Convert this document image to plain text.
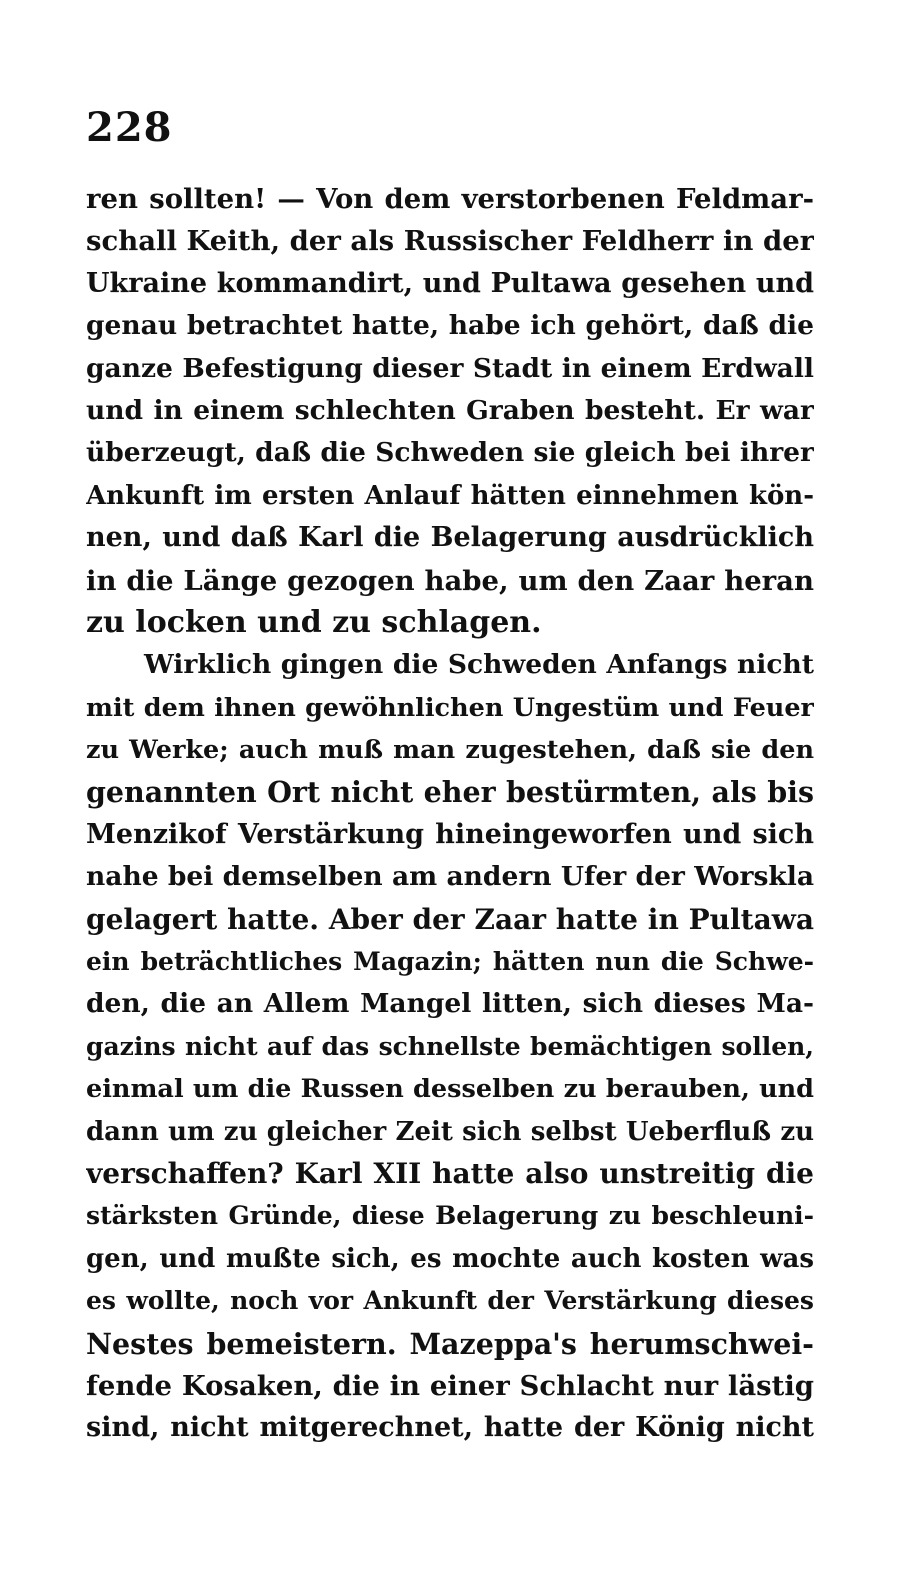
228
ren sollten! — Von dem verstorbenen Feldmar-
schall Keith, der als Russischer Feldherr in der
Ukraine kommandirt, und Pultawa gesehen und
genau betrachtet hatte, habe ich gehört, daß die
ganze Befestigung dieser Stadt in einem Erdwall
und in einem schlechten Graben besteht. Er war
überzeugt, daß die Schweden sie gleich bei ihrer
Ankunft im ersten Anlauf hätten einnehmen kön-
nen, und daß Karl die Belagerung ausdrücklich
in die Länge gezogen habe, um den Zaar heran
zu locken und zu schlagen.
Wirklich gingen die Schweden Anfangs nicht
mit dem ihnen gewöhnlichen Ungestüm und Feuer
zu Werke; auch muß man zugestehen, daß sie den
genannten Ort nicht eher bestürmten, als bis
Menzikof Verstärkung hineingeworfen und sich
nahe bei demselben am andern Ufer der Worskla
gelagert hatte. Aber der Zaar hatte in Pultawa
ein beträchtliches Magazin; hätten nun die Schwe-
den, die an Allem Mangel litten, sich dieses Ma-
gazins nicht auf das schnellste bemächtigen sollen,
einmal um die Russen desselben zu berauben, und
dann um zu gleicher Zeit sich selbst Ueberfluß zu
verschaffen? Karl XII hatte also unstreitig die
stärksten Gründe, diese Belagerung zu beschleuni-
gen, und mußte sich, es mochte auch kosten was
es wollte, noch vor Ankunft der Verstärkung dieses
Nestes bemeistern. Mazeppa's herumschwei-
fende Kosaken, die in einer Schlacht nur lästig
sind, nicht mitgerechnet, hatte der König nicht
